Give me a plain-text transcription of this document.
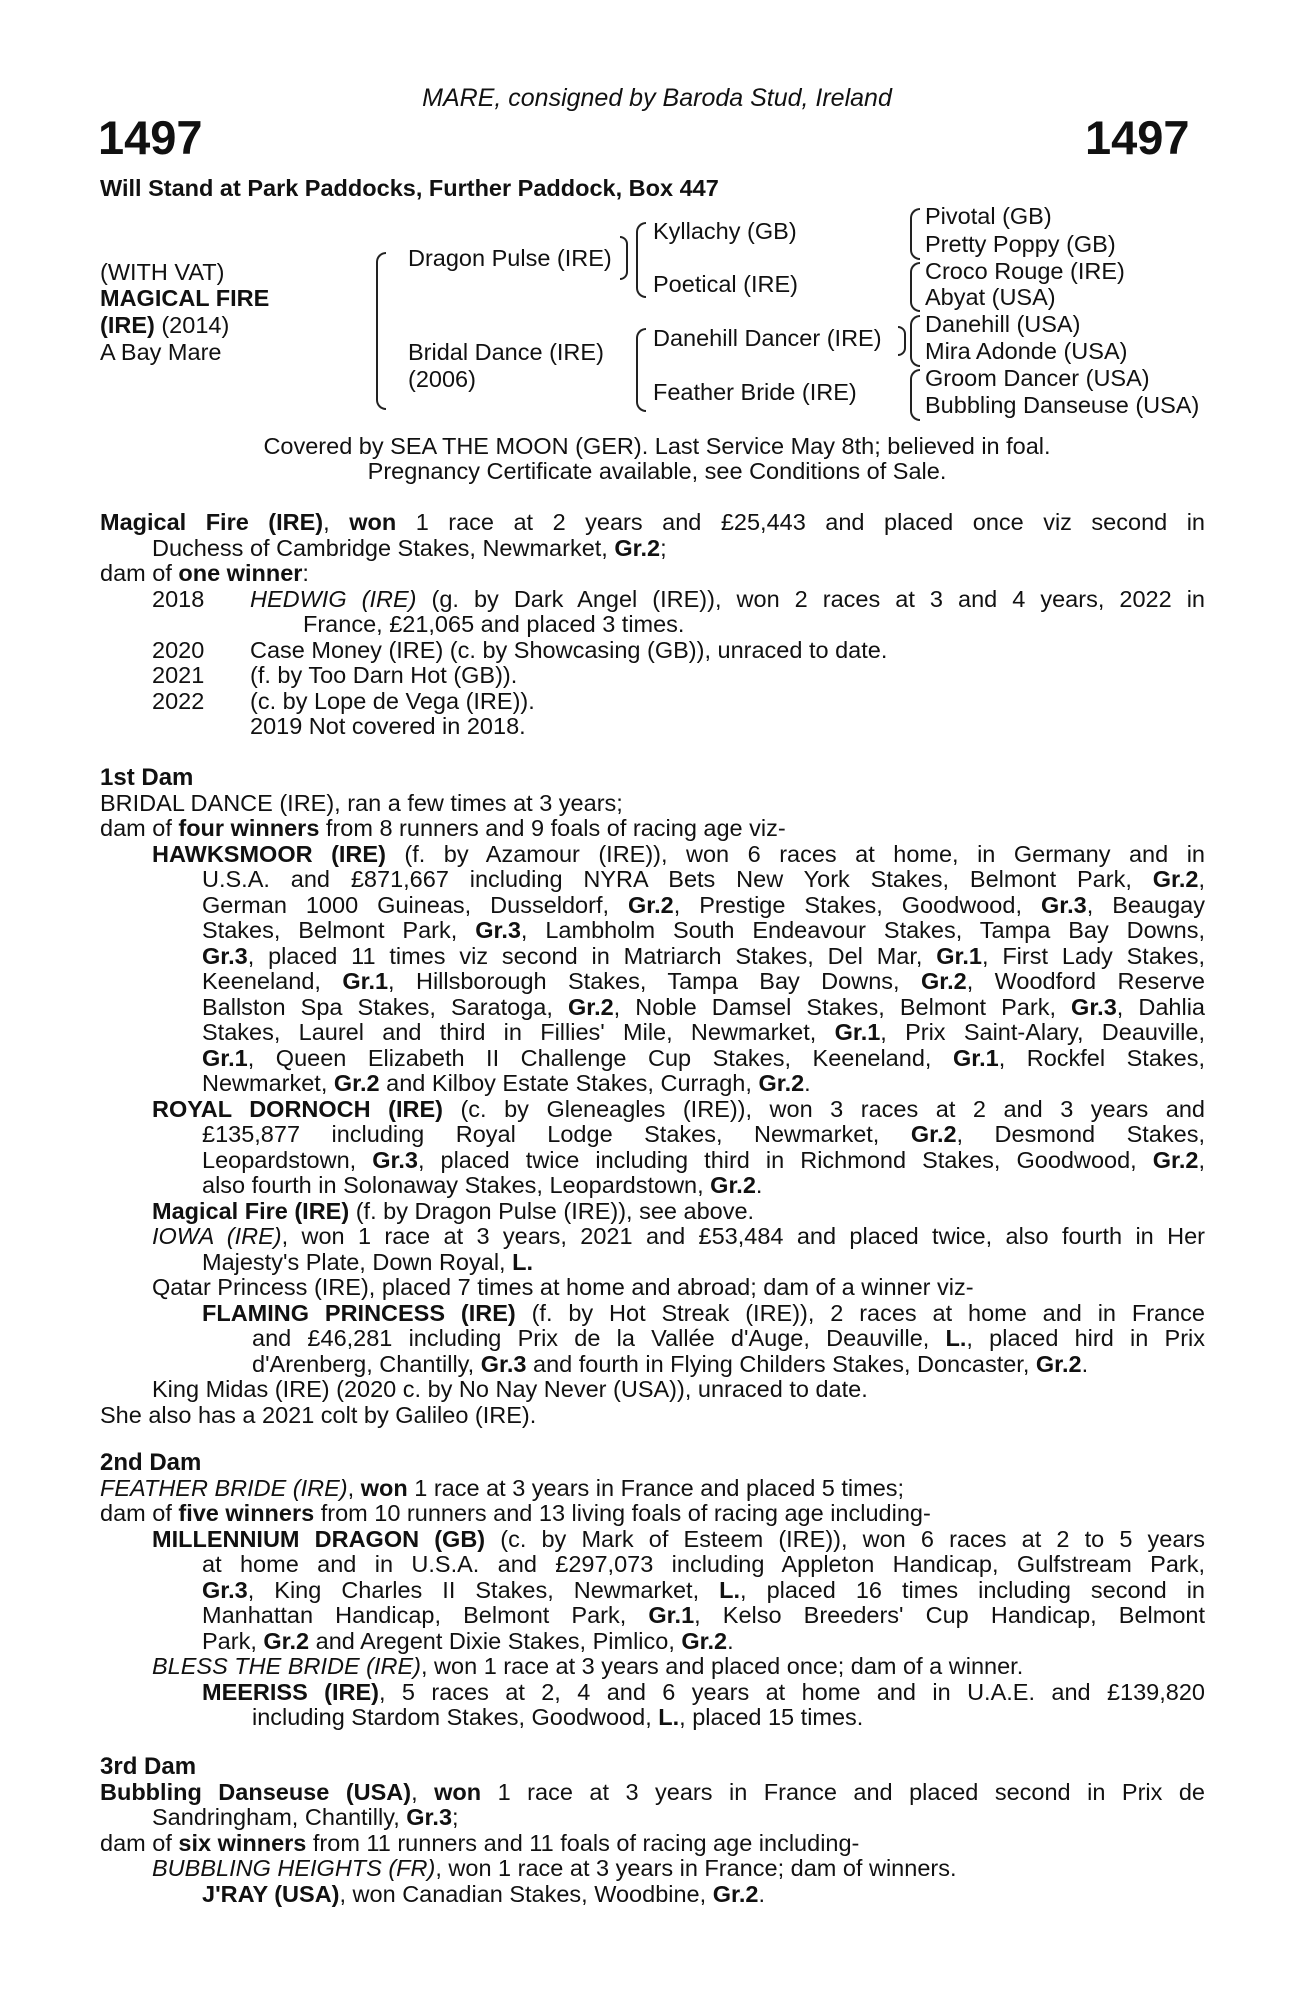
MARE, consigned by Baroda Stud, Ireland
1497	1497
Will Stand at Park Paddocks, Further Paddock, Box 447
(WITH VAT)
MAGICAL FIRE
(IRE) (2014)
A Bay Mare
Dragon Pulse (IRE)
Bridal Dance (IRE)
(2006)
Kyllachy (GB)
Poetical (IRE)
Danehill Dancer (IRE)
Feather Bride (IRE)
Pivotal (GB)
Pretty Poppy (GB)
Croco Rouge (IRE)
Abyat (USA)
Danehill (USA)
Mira Adonde (USA)
Groom Dancer (USA)
Bubbling Danseuse (USA)
Covered by SEA THE MOON (GER). Last Service May 8th; believed in foal.
Pregnancy Certificate available, see Conditions of Sale.
Magical Fire (IRE), won 1 race at 2 years and £25,443 and placed once viz second in
Duchess of Cambridge Stakes, Newmarket, Gr.2;
dam of one winner:
2018	HEDWIG (IRE) (g. by Dark Angel (IRE)), won 2 races at 3 and 4 years, 2022 in
France, £21,065 and placed 3 times.
2020	Case Money (IRE) (c. by Showcasing (GB)), unraced to date.
2021	(f. by Too Darn Hot (GB)).
2022	(c. by Lope de Vega (IRE)).
2019 Not covered in 2018.
1st Dam
BRIDAL DANCE (IRE), ran a few times at 3 years;
dam of four winners from 8 runners and 9 foals of racing age viz-
HAWKSMOOR (IRE) (f. by Azamour (IRE)), won 6 races at home, in Germany and in
U.S.A. and £871,667 including NYRA Bets New York Stakes, Belmont Park, Gr.2,
German 1000 Guineas, Dusseldorf, Gr.2, Prestige Stakes, Goodwood, Gr.3, Beaugay
Stakes, Belmont Park, Gr.3, Lambholm South Endeavour Stakes, Tampa Bay Downs,
Gr.3, placed 11 times viz second in Matriarch Stakes, Del Mar, Gr.1, First Lady Stakes,
Keeneland, Gr.1, Hillsborough Stakes, Tampa Bay Downs, Gr.2, Woodford Reserve
Ballston Spa Stakes, Saratoga, Gr.2, Noble Damsel Stakes, Belmont Park, Gr.3, Dahlia
Stakes, Laurel and third in Fillies' Mile, Newmarket, Gr.1, Prix Saint-Alary, Deauville,
Gr.1, Queen Elizabeth II Challenge Cup Stakes, Keeneland, Gr.1, Rockfel Stakes,
Newmarket, Gr.2 and Kilboy Estate Stakes, Curragh, Gr.2.
ROYAL DORNOCH (IRE) (c. by Gleneagles (IRE)), won 3 races at 2 and 3 years and
£135,877 including Royal Lodge Stakes, Newmarket, Gr.2, Desmond Stakes,
Leopardstown, Gr.3, placed twice including third in Richmond Stakes, Goodwood, Gr.2,
also fourth in Solonaway Stakes, Leopardstown, Gr.2.
Magical Fire (IRE) (f. by Dragon Pulse (IRE)), see above.
IOWA (IRE), won 1 race at 3 years, 2021 and £53,484 and placed twice, also fourth in Her
Majesty's Plate, Down Royal, L.
Qatar Princess (IRE), placed 7 times at home and abroad; dam of a winner viz-
FLAMING PRINCESS (IRE) (f. by Hot Streak (IRE)), 2 races at home and in France
and £46,281 including Prix de la Vallée d'Auge, Deauville, L., placed hird in Prix
d'Arenberg, Chantilly, Gr.3 and fourth in Flying Childers Stakes, Doncaster, Gr.2.
King Midas (IRE) (2020 c. by No Nay Never (USA)), unraced to date.
She also has a 2021 colt by Galileo (IRE).
2nd Dam
FEATHER BRIDE (IRE), won 1 race at 3 years in France and placed 5 times;
dam of five winners from 10 runners and 13 living foals of racing age including-
MILLENNIUM DRAGON (GB) (c. by Mark of Esteem (IRE)), won 6 races at 2 to 5 years
at home and in U.S.A. and £297,073 including Appleton Handicap, Gulfstream Park,
Gr.3, King Charles II Stakes, Newmarket, L., placed 16 times including second in
Manhattan Handicap, Belmont Park, Gr.1, Kelso Breeders' Cup Handicap, Belmont
Park, Gr.2 and Aregent Dixie Stakes, Pimlico, Gr.2.
BLESS THE BRIDE (IRE), won 1 race at 3 years and placed once; dam of a winner.
MEERISS (IRE), 5 races at 2, 4 and 6 years at home and in U.A.E. and £139,820
including Stardom Stakes, Goodwood, L., placed 15 times.
3rd Dam
Bubbling Danseuse (USA), won 1 race at 3 years in France and placed second in Prix de
Sandringham, Chantilly, Gr.3;
dam of six winners from 11 runners and 11 foals of racing age including-
BUBBLING HEIGHTS (FR), won 1 race at 3 years in France; dam of winners.
J'RAY (USA), won Canadian Stakes, Woodbine, Gr.2.
